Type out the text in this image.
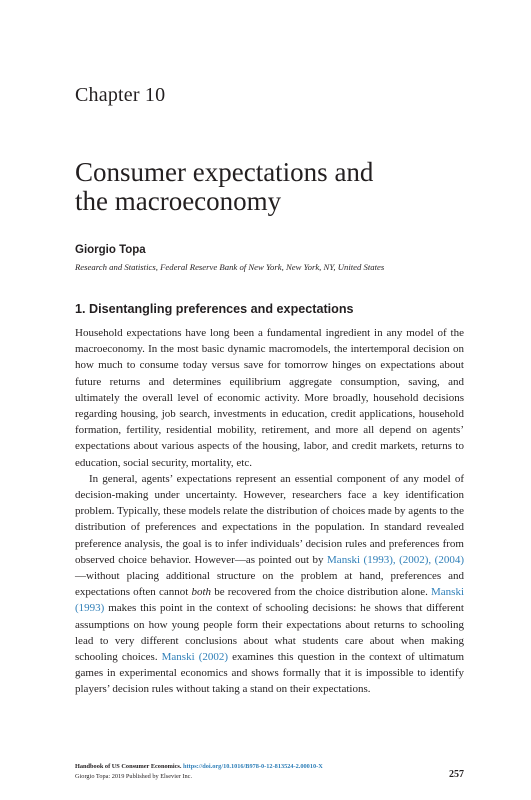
Chapter 10
Consumer expectations and
the macroeconomy
Giorgio Topa
Research and Statistics, Federal Reserve Bank of New York, New York, NY, United States
1. Disentangling preferences and expectations

Household expectations have long been a fundamental ingredient in any model of the macroeconomy. In the most basic dynamic macromodels, the intertemporal decision on how much to consume today versus save for tomorrow hinges on expectations about future returns and determines equilibrium aggregate consumption, saving, and ultimately the overall level of economic activity. More broadly, household decisions regarding housing, job search, investments in education, credit applications, household formation, fertility, residential mobility, retirement, and more all depend on agents’ expectations about various aspects of the housing, labor, and credit markets, returns to education, social security, mortality, etc.

In general, agents’ expectations represent an essential component of any model of decision-making under uncertainty. However, researchers face a key identification problem. Typically, these models relate the distribution of choices made by agents to the distribution of preferences and expectations in the population. In standard revealed preference analysis, the goal is to infer individuals’ decision rules and preferences from observed choice behavior. However—as pointed out by Manski (1993), (2002), (2004)—without placing additional structure on the problem at hand, preferences and expectations often cannot both be recovered from the choice distribution alone. Manski (1993) makes this point in the context of schooling decisions: he shows that different assumptions on how young people form their expectations about returns to schooling lead to very different conclusions about what students care about when making schooling choices. Manski (2002) examines this question in the context of ultimatum games in experimental economics and shows formally that it is impossible to identify players’ decision rules without taking a stand on their expectations.

Handbook of US Consumer Economics. https://doi.org/10.1016/B978-0-12-813524-2.00010-X
Giorgio Topa: 2019 Published by Elsevier Inc.	257
